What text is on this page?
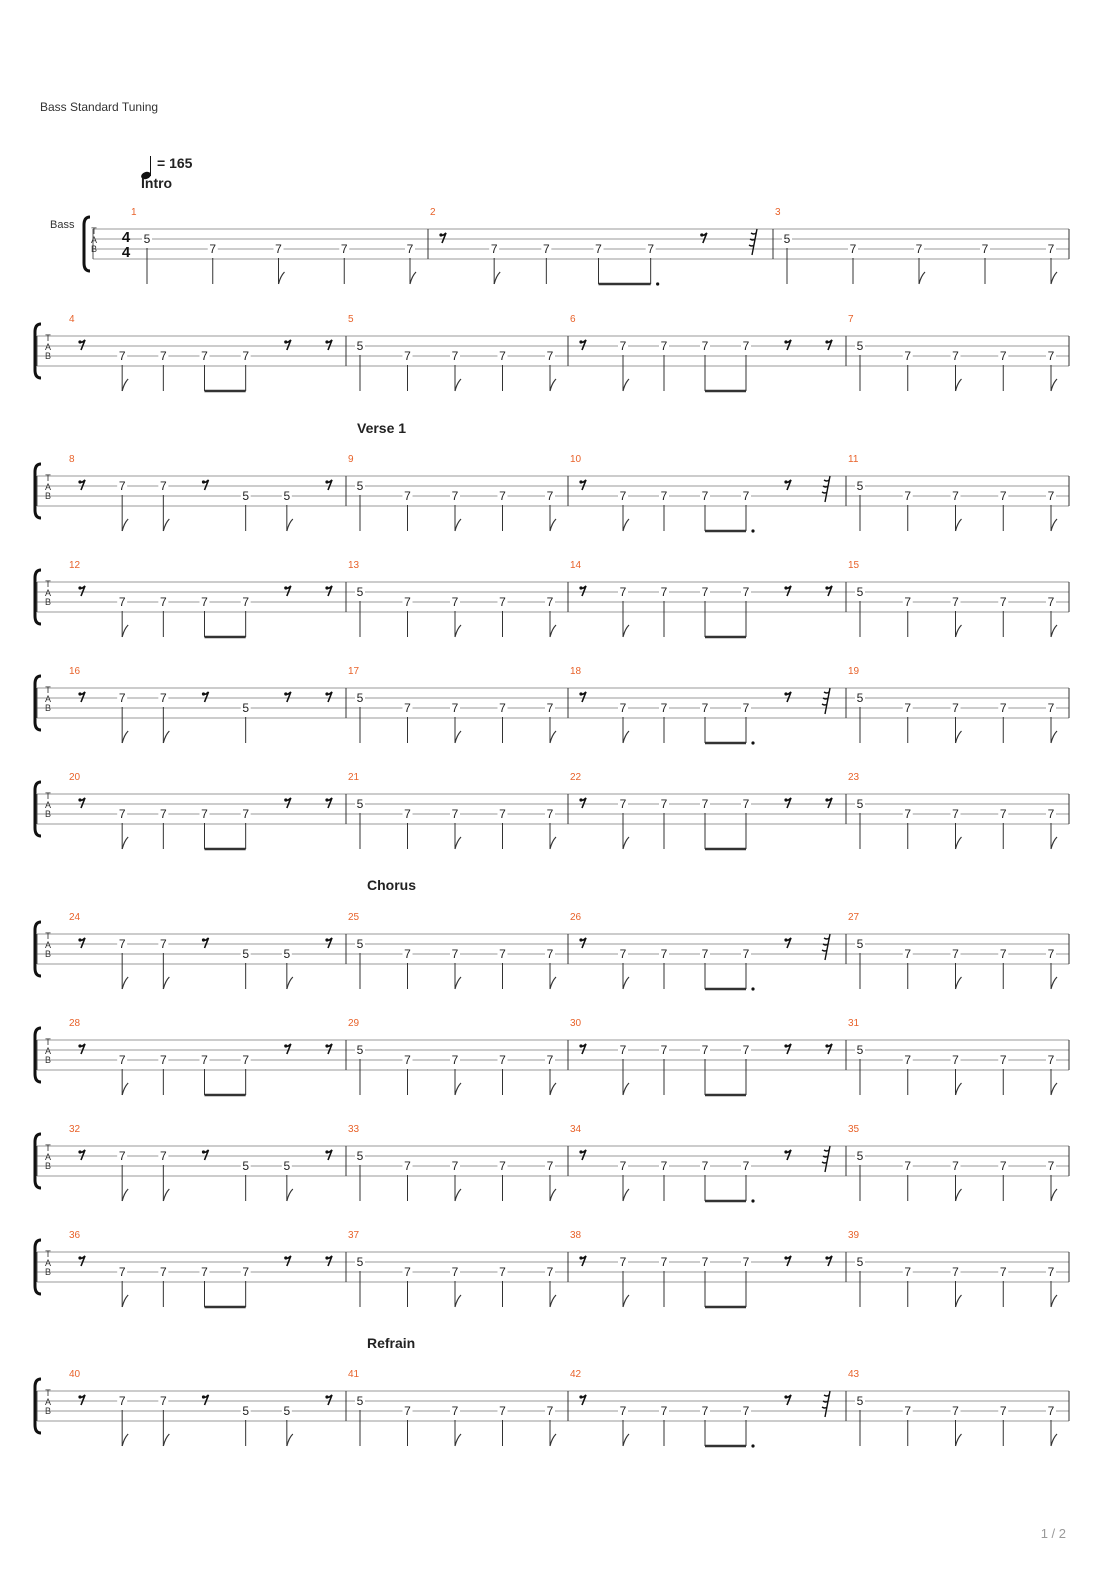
Bass Standard Tuning
= 165
Bass
Intro
Verse 1
Chorus
Refrain
T
A
B
4
4
1
5
7	7	7	7
2
7	7	7	7
3
5
7	7	7	7
T
A
B
4
7	7	7	7
5
5
7	7	7	7
6
7	7	7	7
7
5
7	7	7	7
T
A
B
8
7	7
5	5
9
5
7	7	7	7
10
7	7	7	7
11
5
7	7	7	7
T
A
B
12
7	7	7	7
13
5
7	7	7	7
14
7	7	7	7
15
5
7	7	7	7
T
A
B
16
7	7
5
17
5
7	7	7	7
18
7	7	7	7
19
5
7	7	7	7
T
A
B
20
7	7	7	7
21
5
7	7	7	7
22
7	7	7	7
23
5
7	7	7	7
T
A
B
24
7	7
5	5
25
5
7	7	7	7
26
7	7	7	7
27
5
7	7	7	7
T
A
B
28
7	7	7	7
29
5
7	7	7	7
30
7	7	7	7
31
5
7	7	7	7
T
A
B
32
7	7
5	5
33
5
7	7	7	7
34
7	7	7	7
35
5
7	7	7	7
T
A
B
36
7	7	7	7
37
5
7	7	7	7
38
7	7	7	7
39
5
7	7	7	7
T
A
B
40
7	7
5	5
41
5
7	7	7	7
42
7	7	7	7
43
5
7	7	7	7
1 / 2
